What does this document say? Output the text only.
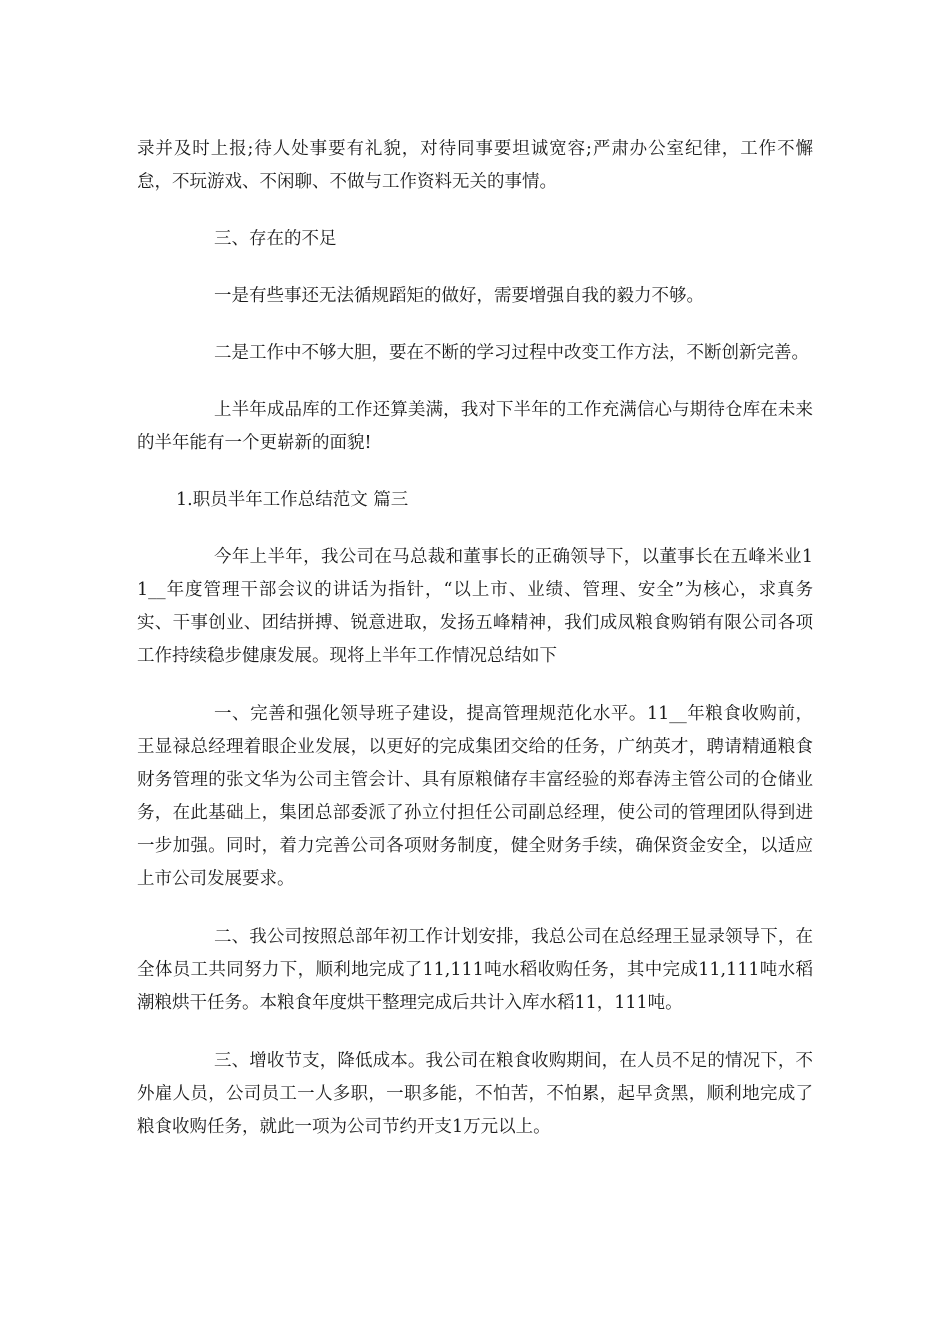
录并及时上报;待人处事要有礼貌，对待同事要坦诚宽容;严肃办公室纪律，工作不懈怠，不玩游戏、不闲聊、不做与工作资料无关的事情。

三、存在的不足

一是有些事还无法循规蹈矩的做好，需要增强自我的毅力不够。

二是工作中不够大胆，要在不断的学习过程中改变工作方法，不断创新完善。

上半年成品库的工作还算美满，我对下半年的工作充满信心与期待仓库在未来的半年能有一个更崭新的面貌!

1.职员半年工作总结范文 篇三

今年上半年，我公司在马总裁和董事长的正确领导下，以董事长在五峰米业11__年度管理干部会议的讲话为指针，“以上市、业绩、管理、安全”为核心，求真务实、干事创业、团结拼搏、锐意进取，发扬五峰精神，我们成凤粮食购销有限公司各项工作持续稳步健康发展。现将上半年工作情况总结如下

一、完善和强化领导班子建设，提高管理规范化水平。11__年粮食收购前，王显禄总经理着眼企业发展，以更好的完成集团交给的任务，广纳英才，聘请精通粮食财务管理的张文华为公司主管会计、具有原粮储存丰富经验的郑春涛主管公司的仓储业务，在此基础上，集团总部委派了孙立付担任公司副总经理，使公司的管理团队得到进一步加强。同时，着力完善公司各项财务制度，健全财务手续，确保资金安全，以适应上市公司发展要求。

二、我公司按照总部年初工作计划安排，我总公司在总经理王显录领导下，在全体员工共同努力下，顺利地完成了11,111吨水稻收购任务，其中完成11,111吨水稻潮粮烘干任务。本粮食年度烘干整理完成后共计入库水稻11，111吨。

三、增收节支，降低成本。我公司在粮食收购期间，在人员不足的情况下，不外雇人员，公司员工一人多职，一职多能，不怕苦，不怕累，起早贪黑，顺利地完成了粮食收购任务，就此一项为公司节约开支1万元以上。
